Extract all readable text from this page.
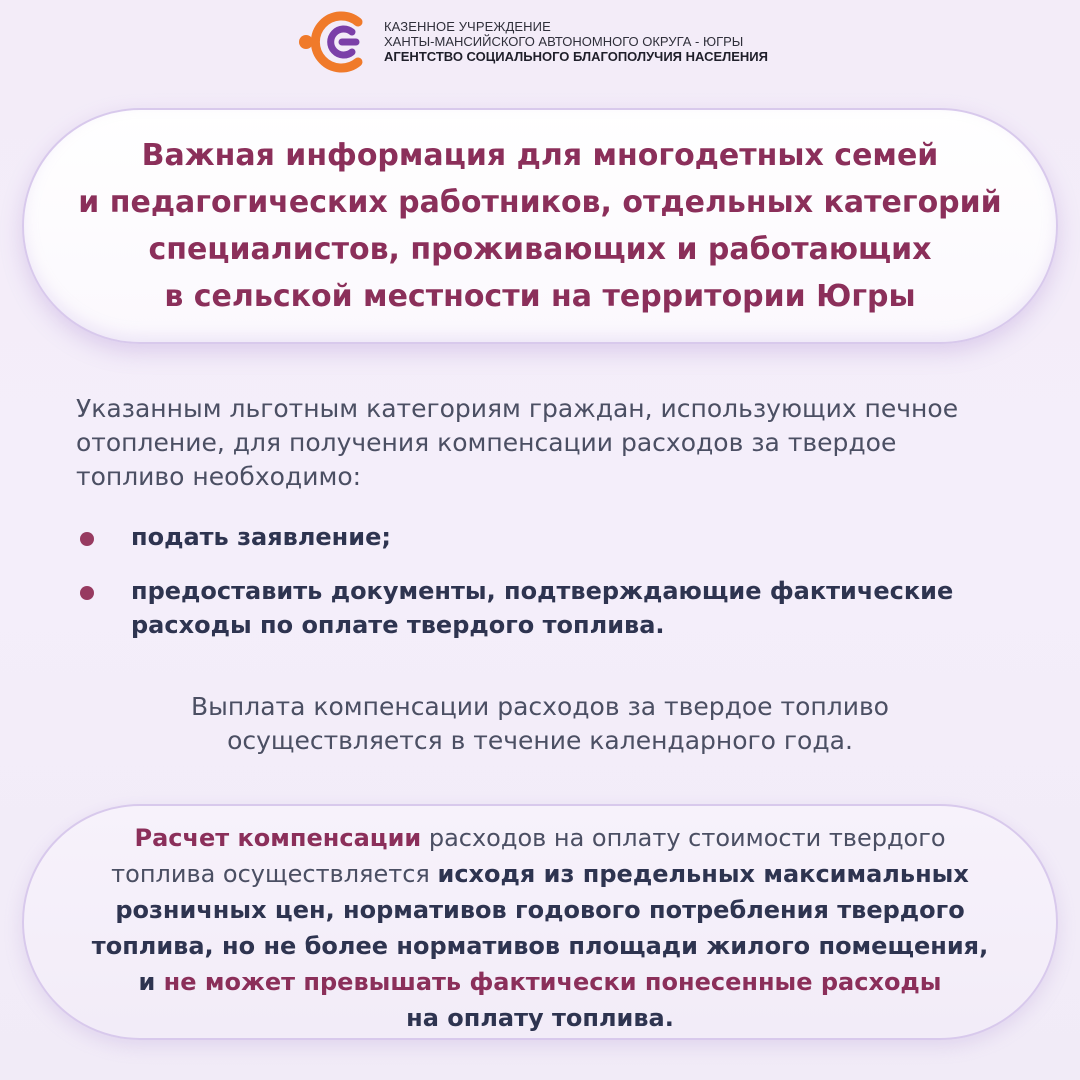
КАЗЕННОЕ УЧРЕЖДЕНИЕ
ХАНТЫ-МАНСИЙСКОГО АВТОНОМНОГО ОКРУГА - ЮГРЫ
АГЕНТСТВО СОЦИАЛЬНОГО БЛАГОПОЛУЧИЯ НАСЕЛЕНИЯ
Важная информация для многодетных семей
и педагогических работников, отдельных категорий
специалистов, проживающих и работающих
в сельской местности на территории Югры
Указанным льготным категориям граждан, использующих печное
отопление, для получения компенсации расходов за твердое
топливо необходимо:
подать заявление;
предоставить документы, подтверждающие фактические
расходы по оплате твердого топлива.
Выплата компенсации расходов за твердое топливо
осуществляется в течение календарного года.
Расчет компенсации расходов на оплату стоимости твердого
топлива осуществляется исходя из предельных максимальных
розничных цен, нормативов годового потребления твердого
топлива, но не более нормативов площади жилого помещения,
и не может превышать фактически понесенные расходы
на оплату топлива.
